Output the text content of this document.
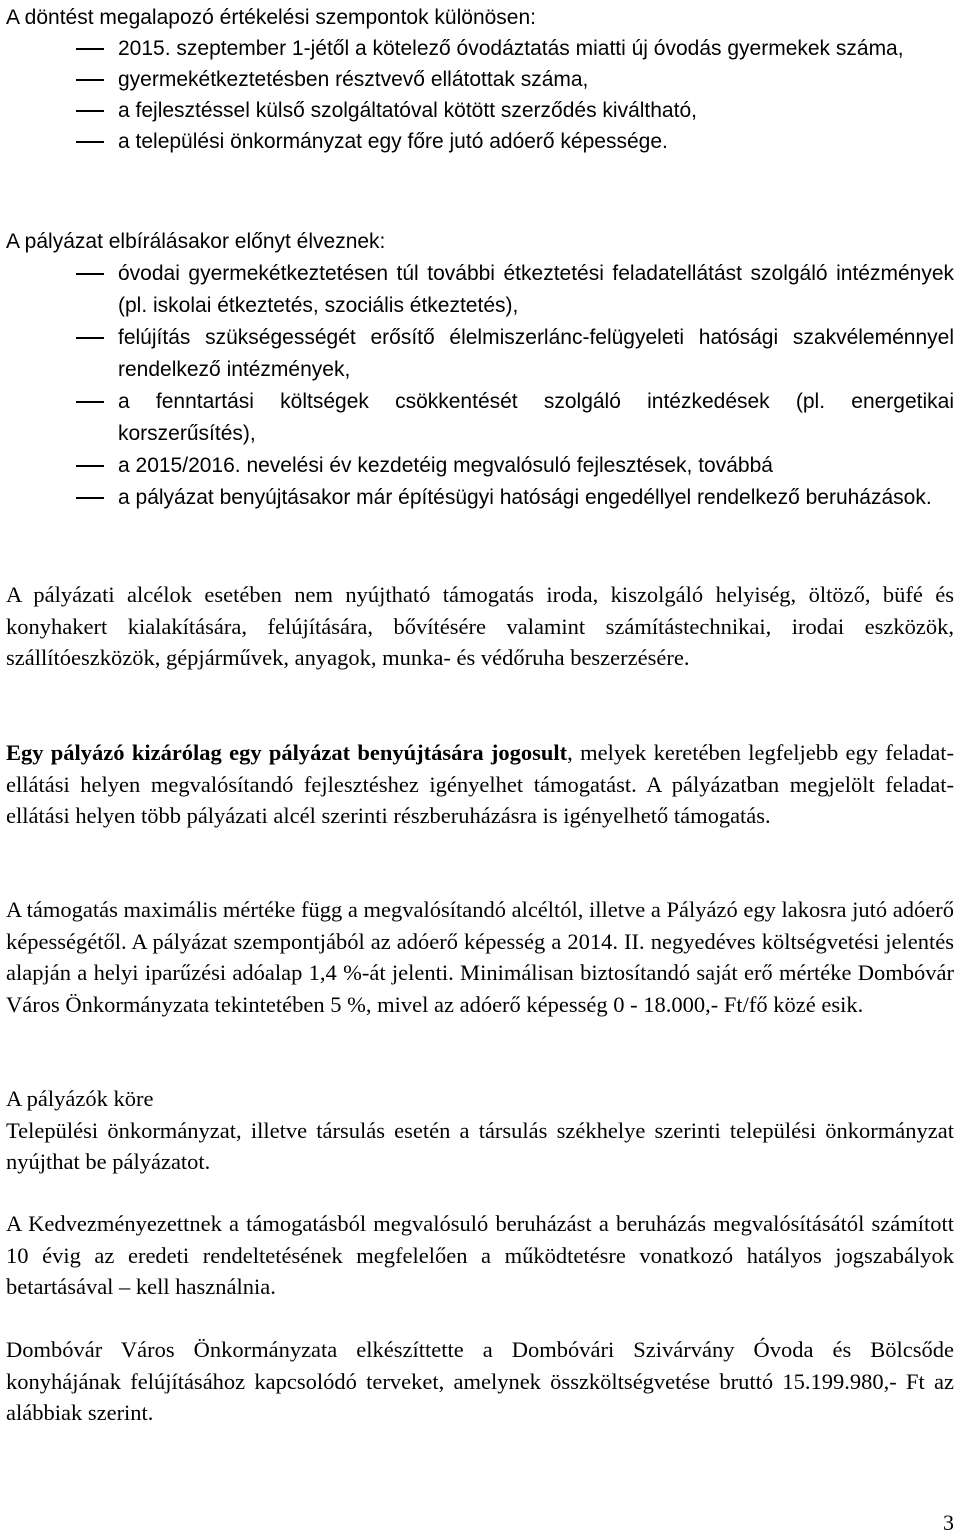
A döntést megalapozó értékelési szempontok különösen:
2015. szeptember 1-jétől a kötelező óvodáztatás miatti új óvodás gyermekek száma,
gyermekétkeztetésben résztvevő ellátottak száma,
a fejlesztéssel külső szolgáltatóval kötött szerződés kiváltható,
a települési önkormányzat egy főre jutó adóerő képessége.
A pályázat elbírálásakor előnyt élveznek:
óvodai gyermekétkeztetésen túl további étkeztetési feladatellátást szolgáló intézmények (pl. iskolai étkeztetés, szociális étkeztetés),
felújítás szükségességét erősítő élelmiszerlánc-felügyeleti hatósági szakvéleménnyel rendelkező intézmények,
a fenntartási költségek csökkentését szolgáló intézkedések (pl. energetikai korszerűsítés),
a 2015/2016. nevelési év kezdetéig megvalósuló fejlesztések, továbbá
a pályázat benyújtásakor már építésügyi hatósági engedéllyel rendelkező beruházások.

A pályázati alcélok esetében nem nyújtható támogatás iroda, kiszolgáló helyiség, öltöző, büfé és konyhakert kialakítására, felújítására, bővítésére valamint számítástechnikai, irodai eszközök, szállítóeszközök, gépjárművek, anyagok, munka- és védőruha beszerzésére.

Egy pályázó kizárólag egy pályázat benyújtására jogosult, melyek keretében legfeljebb egy feladat-ellátási helyen megvalósítandó fejlesztéshez igényelhet támogatást. A pályázatban megjelölt feladat-ellátási helyen több pályázati alcél szerinti részberuházásra is igényelhető támogatás.

A támogatás maximális mértéke függ a megvalósítandó alcéltól, illetve a Pályázó egy lakosra jutó adóerő képességétől. A pályázat szempontjából az adóerő képesség a 2014. II. negyedéves költségvetési jelentés alapján a helyi iparűzési adóalap 1,4 %-át jelenti. Minimálisan biztosítandó saját erő mértéke Dombóvár Város Önkormányzata tekintetében 5 %, mivel az adóerő képesség 0 - 18.000,- Ft/fő közé esik.

A pályázók köre

Települési önkormányzat, illetve társulás esetén a társulás székhelye szerinti települési önkormányzat nyújthat be pályázatot.

A Kedvezményezettnek a támogatásból megvalósuló beruházást a beruházás megvalósításától számított 10 évig az eredeti rendeltetésének megfelelően a működtetésre vonatkozó hatályos jogszabályok betartásával – kell használnia.

Dombóvár Város Önkormányzata elkészíttette a Dombóvári Szivárvány Óvoda és Bölcsőde konyhájának felújításához kapcsolódó terveket, amelynek összköltségvetése bruttó 15.199.980,- Ft az alábbiak szerint.

3
